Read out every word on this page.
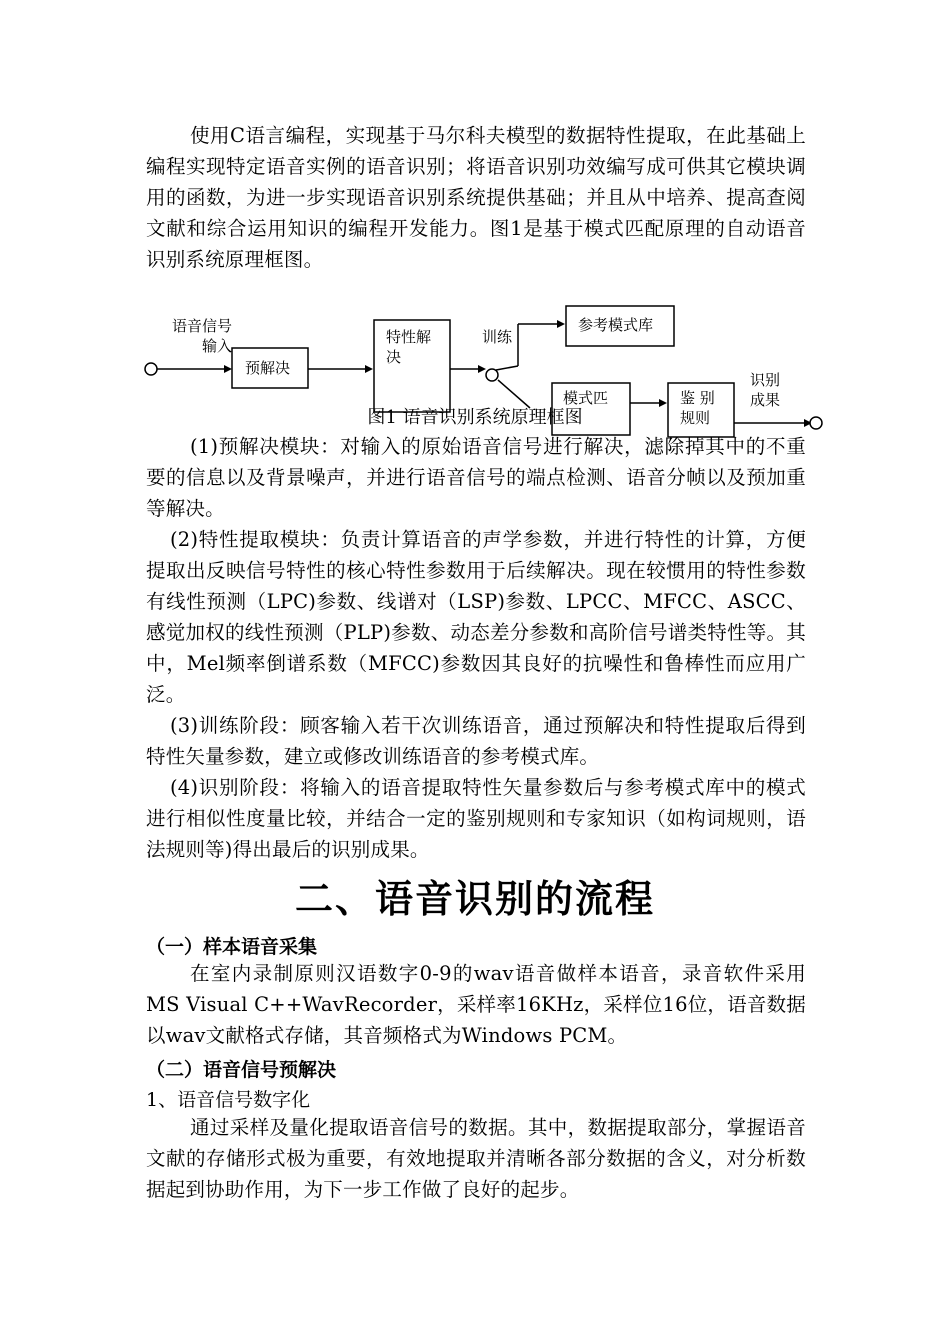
使用C语言编程，实现基于马尔科夫模型的数据特性提取，在此基础上编程实现特定语音实例的语音识别；将语音识别功效编写成可供其它模块调用的函数，为进一步实现语音识别系统提供基础；并且从中培养、提高查阅文献和综合运用知识的编程开发能力。图1是基于模式匹配原理的自动语音识别系统原理框图。
语音信号
输入
预解决
特性解
决
训练
参考模式库
模式匹	鉴 别
规则
识别
成果
图1 语音识别系统原理框图
(1)预解决模块：对输入的原始语音信号进行解决，滤除掉其中的不重要的信息以及背景噪声，并进行语音信号的端点检测、语音分帧以及预加重等解决。
(2)特性提取模块：负责计算语音的声学参数，并进行特性的计算，方便提取出反映信号特性的核心特性参数用于后续解决。现在较惯用的特性参数有线性预测（LPC)参数、线谱对（LSP)参数、LPCC、MFCC、ASCC、感觉加权的线性预测（PLP)参数、动态差分参数和高阶信号谱类特性等。其中，Mel频率倒谱系数（MFCC)参数因其良好的抗噪性和鲁棒性而应用广泛。
(3)训练阶段：顾客输入若干次训练语音，通过预解决和特性提取后得到特性矢量参数，建立或修改训练语音的参考模式库。
(4)识别阶段：将输入的语音提取特性矢量参数后与参考模式库中的模式进行相似性度量比较，并结合一定的鉴别规则和专家知识（如构词规则，语法规则等)得出最后的识别成果。
二、语音识别的流程
（一）样本语音采集
在室内录制原则汉语数字0-9的wav语音做样本语音，录音软件采用MS Visual C++WavRecorder，采样率16KHz，采样位16位，语音数据以wav文献格式存储，其音频格式为Windows PCM。
（二）语音信号预解决
1、语音信号数字化
通过采样及量化提取语音信号的数据。其中，数据提取部分，掌握语音文献的存储形式极为重要，有效地提取并清晰各部分数据的含义，对分析数据起到协助作用，为下一步工作做了良好的起步。
